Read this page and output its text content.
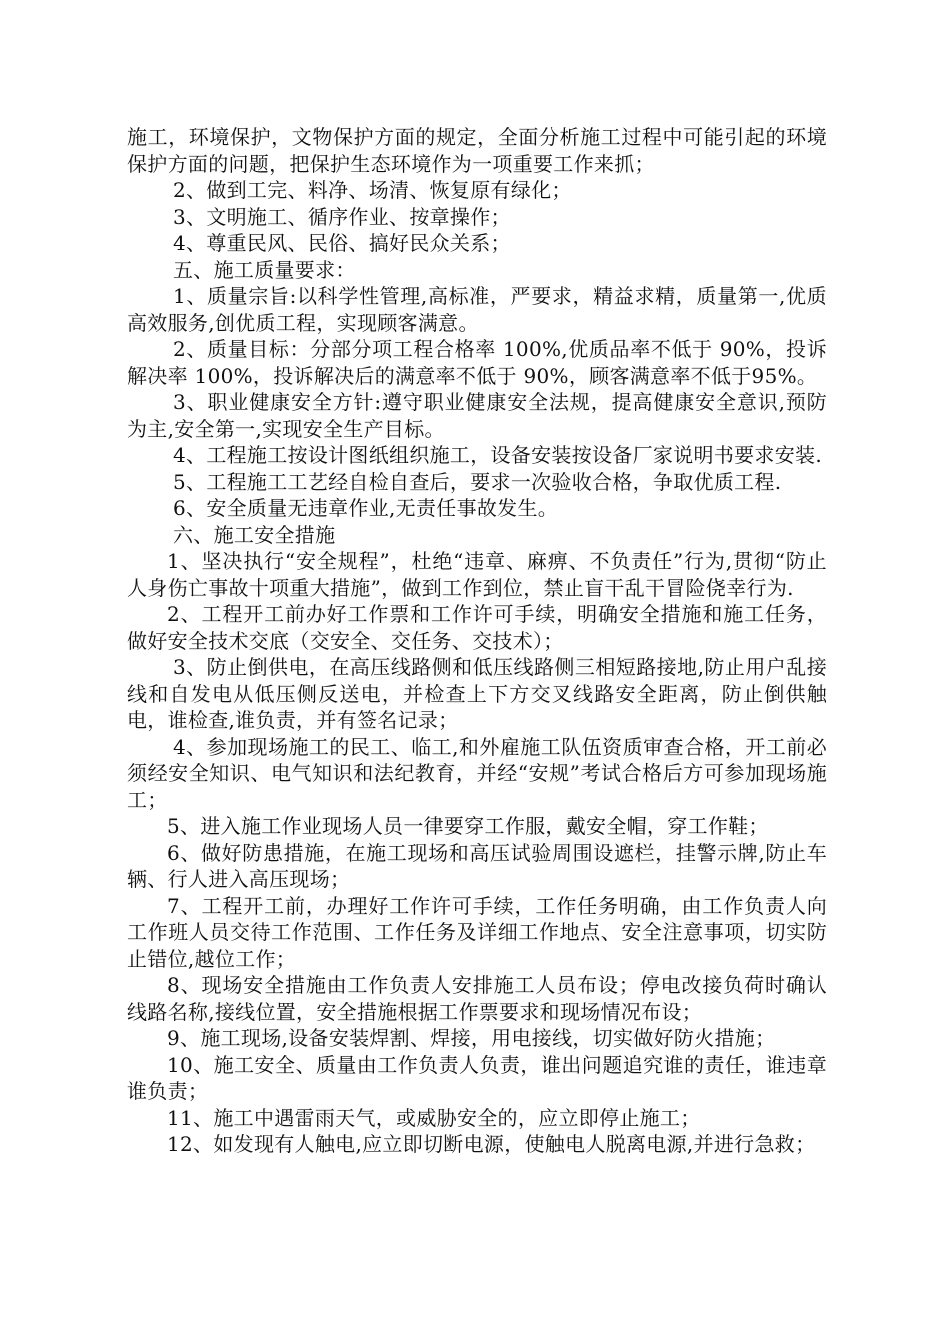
施工，环境保护，文物保护方面的规定，全面分析施工过程中可能引起的环境保护方面的问题，把保护生态环境作为一项重要工作来抓；

2、做到工完、料净、场清、恢复原有绿化；

3、文明施工、循序作业、按章操作；

4、尊重民风、民俗、搞好民众关系；

五、施工质量要求：

1、质量宗旨:以科学性管理,高标准，严要求，精益求精，质量第一,优质高效服务,创优质工程，实现顾客满意。

2、质量目标：分部分项工程合格率 100%,优质品率不低于 90%，投诉解决率 100%，投诉解决后的满意率不低于 90%，顾客满意率不低于95%。

3、职业健康安全方针:遵守职业健康安全法规，提高健康安全意识,预防为主,安全第一,实现安全生产目标。

4、工程施工按设计图纸组织施工，设备安装按设备厂家说明书要求安装.

5、工程施工工艺经自检自查后，要求一次验收合格，争取优质工程.

6、安全质量无违章作业,无责任事故发生。

六、施工安全措施

1、坚决执行“安全规程”，杜绝“违章、麻痹、不负责任”行为,贯彻“防止人身伤亡事故十项重大措施”，做到工作到位，禁止盲干乱干冒险侥幸行为.

2、工程开工前办好工作票和工作许可手续，明确安全措施和施工任务，做好安全技术交底（交安全、交任务、交技术）；

3、防止倒供电，在高压线路侧和低压线路侧三相短路接地,防止用户乱接线和自发电从低压侧反送电，并检查上下方交叉线路安全距离，防止倒供触电，谁检查,谁负责，并有签名记录；

4、参加现场施工的民工、临工,和外雇施工队伍资质审查合格，开工前必须经安全知识、电气知识和法纪教育，并经“安规”考试合格后方可参加现场施工；

5、进入施工作业现场人员一律要穿工作服，戴安全帽，穿工作鞋；

6、做好防患措施，在施工现场和高压试验周围设遮栏，挂警示牌,防止车辆、行人进入高压现场；

7、工程开工前，办理好工作许可手续，工作任务明确，由工作负责人向工作班人员交待工作范围、工作任务及详细工作地点、安全注意事项，切实防止错位,越位工作；

8、现场安全措施由工作负责人安排施工人员布设；停电改接负荷时确认线路名称,接线位置，安全措施根据工作票要求和现场情况布设；

9、施工现场,设备安装焊割、焊接，用电接线，切实做好防火措施；

10、施工安全、质量由工作负责人负责，谁出问题追究谁的责任，谁违章谁负责；

11、施工中遇雷雨天气，或威胁安全的，应立即停止施工；

12、如发现有人触电,应立即切断电源，使触电人脱离电源,并进行急救；
